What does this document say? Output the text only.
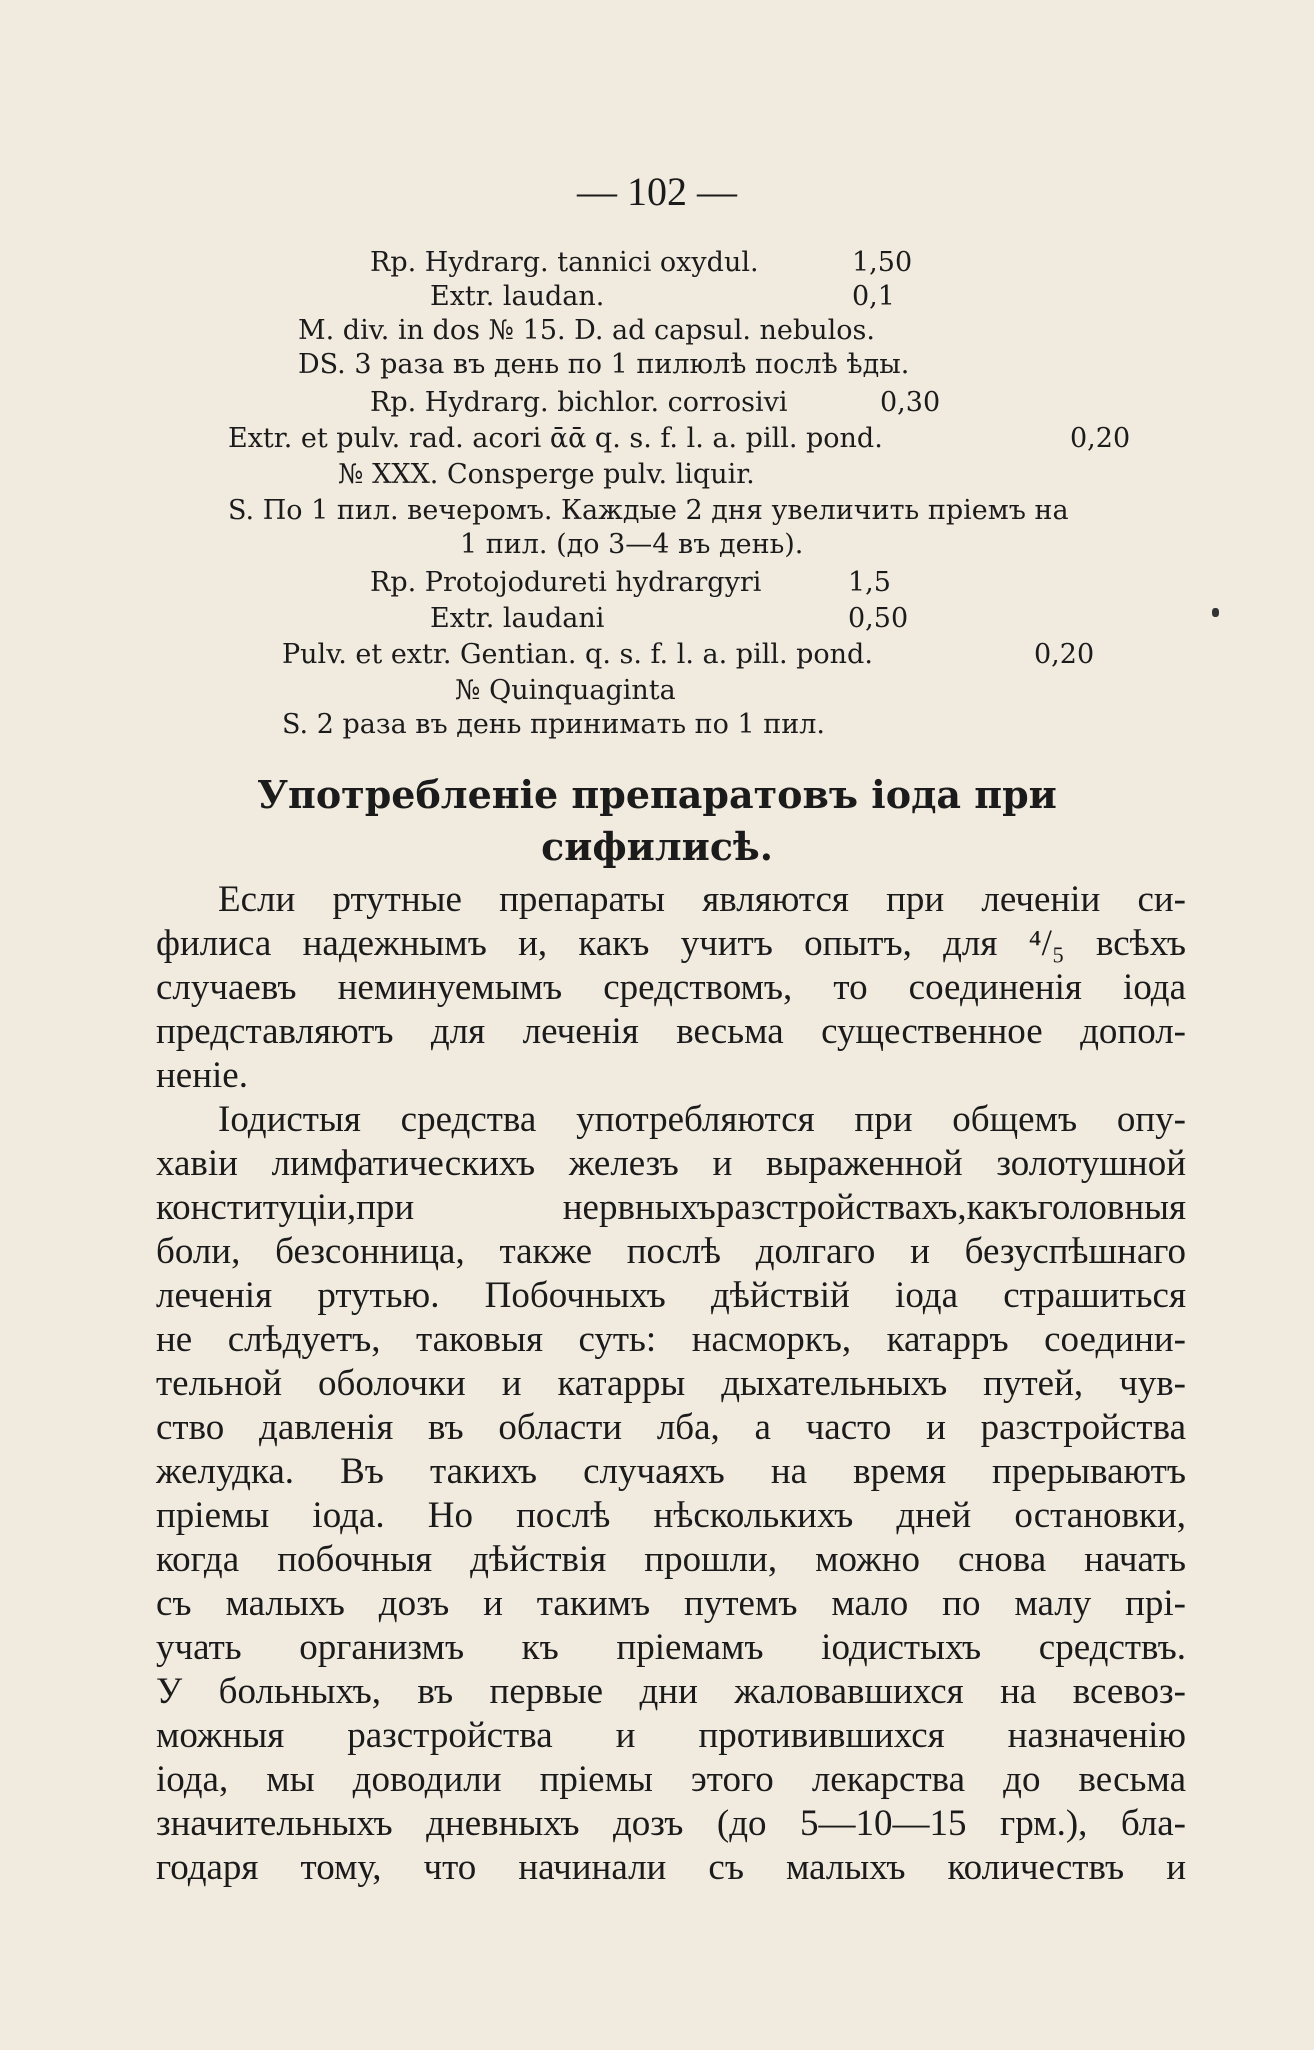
— 102 —
Rp. Hydrarg. tannici oxydul.	1,50
Extr. laudan.	0,1
M. div. in dos № 15. D. ad capsul. nebulos.
DS. 3 раза въ день по 1 пилюлѣ послѣ ѣды.
Rp. Hydrarg. bichlor. corrosivi	0,30
Extr. et pulv. rad. acori ᾱᾱ q. s. f. l. a. pill. pond.	0,20
№ XXX. Consperge pulv. liquir.
S. По 1 пил. вечеромъ. Каждые 2 дня увеличить пріемъ на
1 пил. (до 3—4 въ день).
Rp. Protojodureti hydrargyri	1,5
Extr. laudani	0,50
Pulv. et extr. Gentian. q. s. f. l. a. pill. pond.	0,20
№ Quinquaginta
S. 2 раза въ день принимать по 1 пил.
Употребленіе препаратовъ іода при
сифилисѣ.
Если ртутные препараты являются при леченіи си-
филиса надежнымъ и, какъ учитъ опытъ, для ⁴/₅ всѣхъ
случаевъ неминуемымъ средствомъ, то соединенія іода
представляютъ для леченія весьма существенное допол-
неніе.
Іодистыя средства употребляются при общемъ опу-
хавіи лимфатическихъ железъ и выраженной золотушной
конституціи,при нервныхъразстройствахъ,какъголовныя
боли, безсонница, также послѣ долгаго и безуспѣшнаго
леченія ртутью. Побочныхъ дѣйствій іода страшиться
не слѣдуетъ, таковыя суть: насморкъ, катарръ соедини-
тельной оболочки и катарры дыхательныхъ путей, чув-
ство давленія въ области лба, а часто и разстройства
желудка. Въ такихъ случаяхъ на время прерываютъ
пріемы іода. Но послѣ нѣсколькихъ дней остановки,
когда побочныя дѣйствія прошли, можно снова начать
съ малыхъ дозъ и такимъ путемъ мало по малу прі-
учать организмъ къ пріемамъ іодистыхъ средствъ.
У больныхъ, въ первые дни жаловавшихся на всевоз-
можныя разстройства и противившихся назначенію
іода, мы доводили пріемы этого лекарства до весьма
значительныхъ дневныхъ дозъ (до 5—10—15 грм.), бла-
годаря тому, что начинали съ малыхъ количествъ и
